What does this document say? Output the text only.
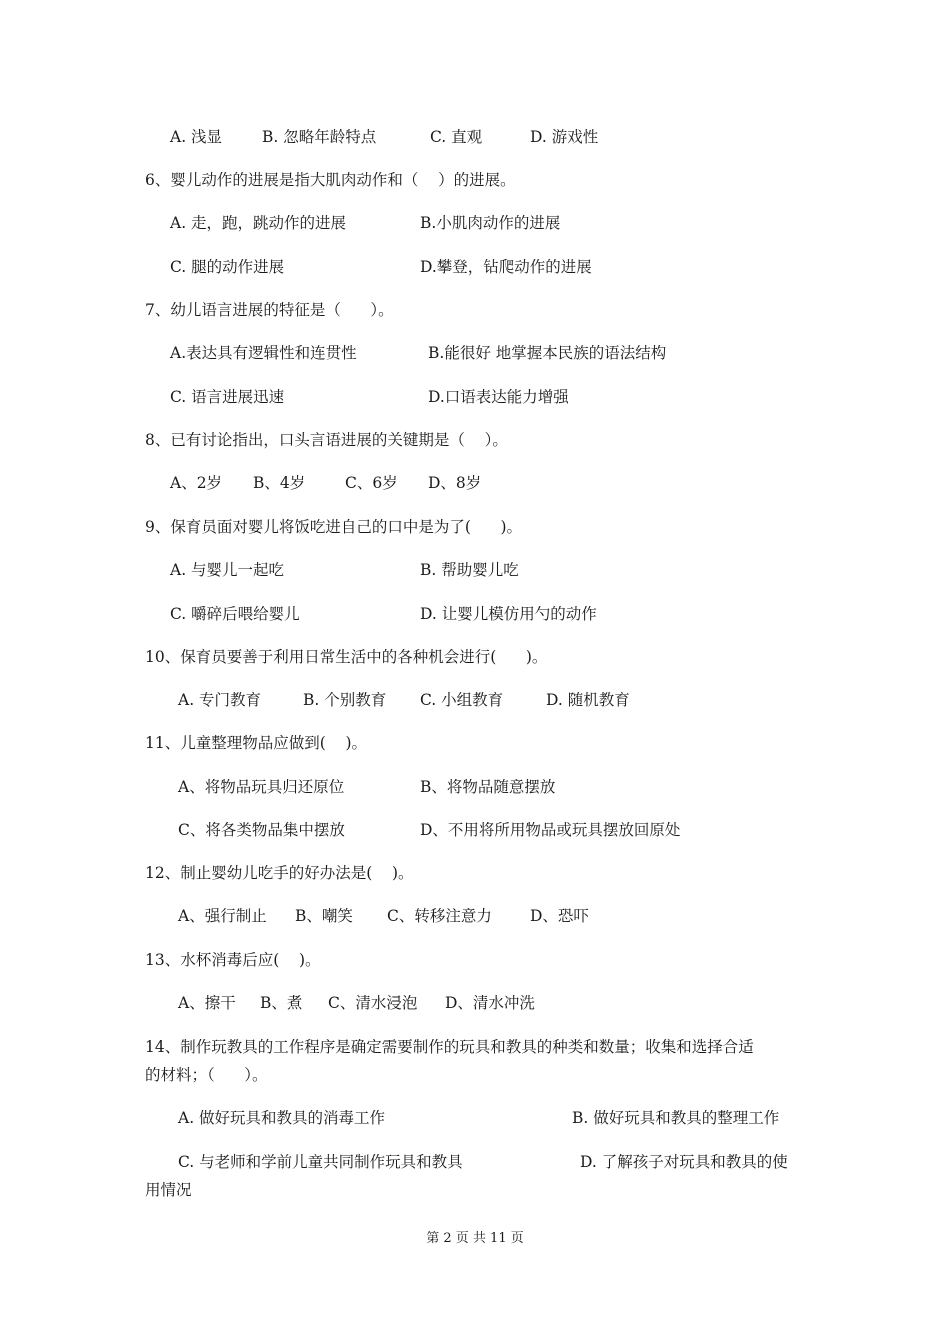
A. 浅显	B. 忽略年龄特点	C. 直观	D. 游戏性
6、婴儿动作的进展是指大肌肉动作和（    ）的进展。
A. 走，跑，跳动作的进展	B.小肌肉动作的进展
C. 腿的动作进展	D.攀登，钻爬动作的进展
7、幼儿语言进展的特征是（      ）。
A.表达具有逻辑性和连贯性	B.能很好 地掌握本民族的语法结构
C. 语言进展迅速	D.口语表达能力增强
8、已有讨论指出，口头言语进展的关键期是（    ）。
A、2岁 B、4岁	C、6岁 D、8岁
9、保育员面对婴儿将饭吃进自己的口中是为了(      )。
A. 与婴儿一起吃	B. 帮助婴儿吃
C. 嚼碎后喂给婴儿	D. 让婴儿模仿用勺的动作
10、保育员要善于利用日常生活中的各种机会进行(      )。
A. 专门教育	B. 个别教育 C. 小组教育	D. 随机教育
11、儿童整理物品应做到(    )。
A、将物品玩具归还原位	B、将物品随意摆放
C、将各类物品集中摆放	D、不用将所用物品或玩具摆放回原处
12、制止婴幼儿吃手的好办法是(    )。
A、强行制止 B、嘲笑 C、转移注意力 D、恐吓
13、水杯消毒后应(    )。
A、擦干 B、煮 C、清水浸泡 D、清水冲洗
14、制作玩教具的工作程序是确定需要制作的玩具和教具的种类和数量；收集和选择合适
的材料；（      ）。
A. 做好玩具和教具的消毒工作	B. 做好玩具和教具的整理工作
C. 与老师和学前儿童共同制作玩具和教具	D. 了解孩子对玩具和教具的使
用情况
第 2 页 共 11 页
